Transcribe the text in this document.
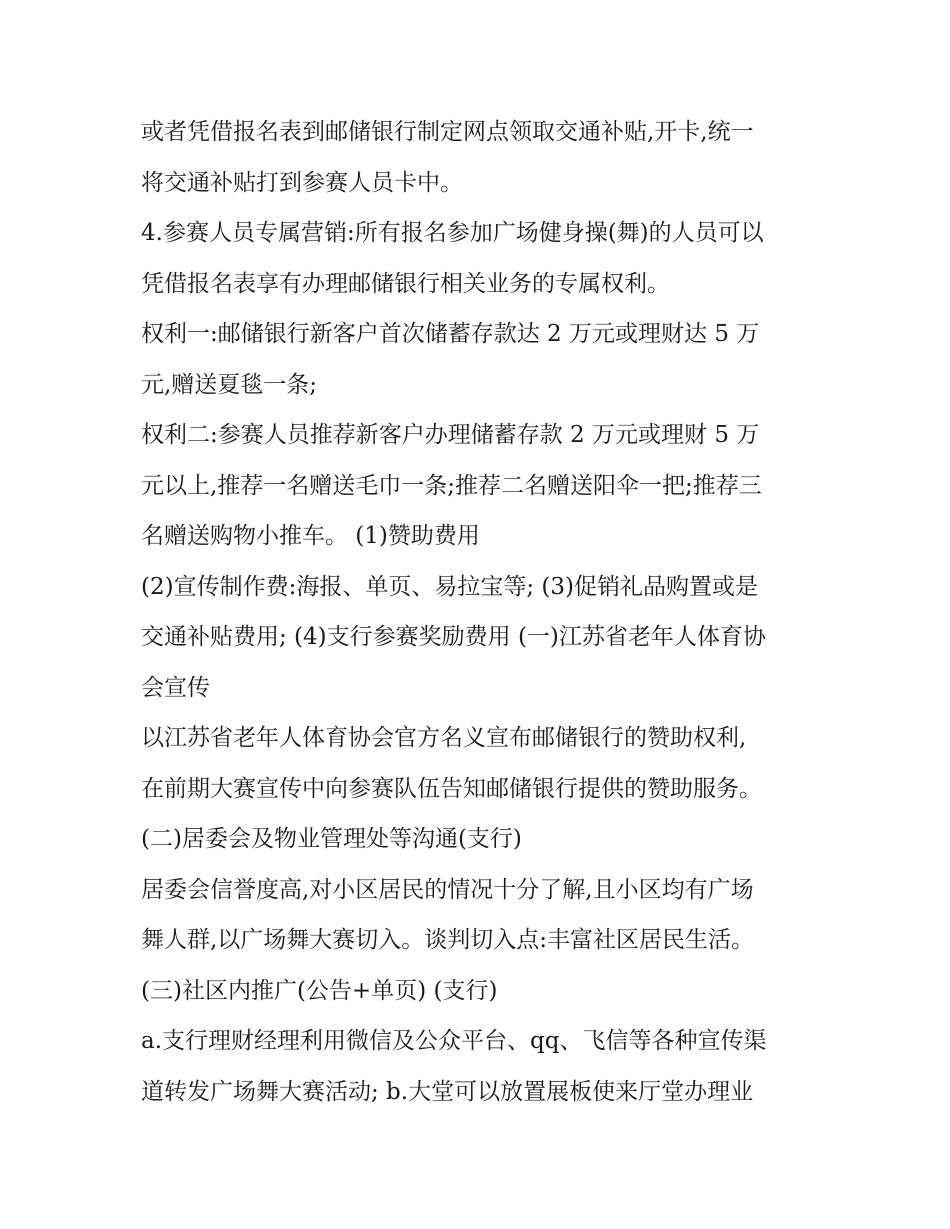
或者凭借报名表到邮储银行制定网点领取交通补贴,开卡,统一
将交通补贴打到参赛人员卡中。
4.参赛人员专属营销:所有报名参加广场健身操(舞)的人员可以
凭借报名表享有办理邮储银行相关业务的专属权利。
权利一:邮储银行新客户首次储蓄存款达 2 万元或理财达 5 万
元,赠送夏毯一条;
权利二:参赛人员推荐新客户办理储蓄存款 2 万元或理财 5 万
元以上,推荐一名赠送毛巾一条;推荐二名赠送阳伞一把;推荐三
名赠送购物小推车。 (1)赞助费用
(2)宣传制作费:海报、单页、易拉宝等; (3)促销礼品购置或是
交通补贴费用; (4)支行参赛奖励费用 (一)江苏省老年人体育协
会宣传
以江苏省老年人体育协会官方名义宣布邮储银行的赞助权利,
在前期大赛宣传中向参赛队伍告知邮储银行提供的赞助服务。
(二)居委会及物业管理处等沟通(支行)
居委会信誉度高,对小区居民的情况十分了解,且小区均有广场
舞人群,以广场舞大赛切入。谈判切入点:丰富社区居民生活。
(三)社区内推广(公告+单页) (支行)
a.支行理财经理利用微信及公众平台、qq、飞信等各种宣传渠
道转发广场舞大赛活动; b.大堂可以放置展板使来厅堂办理业
